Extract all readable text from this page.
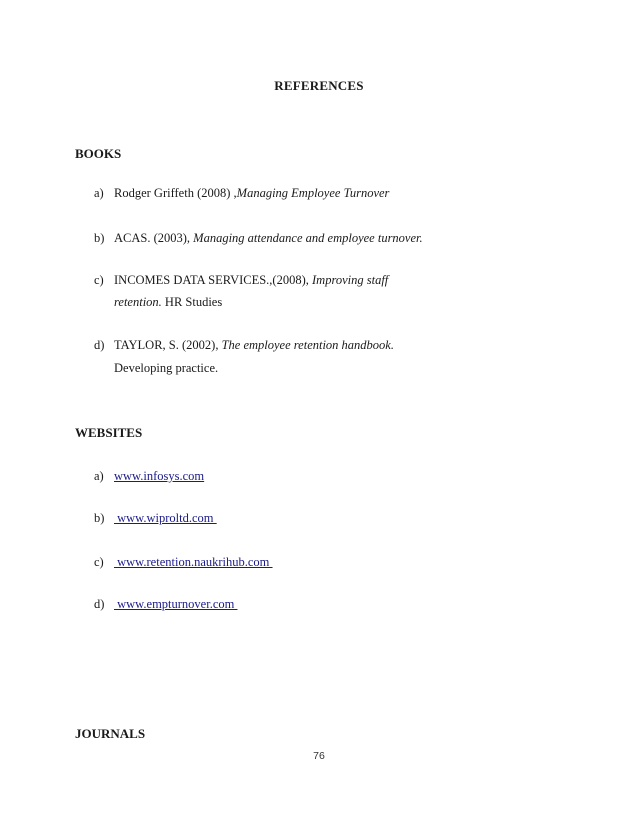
REFERENCES
BOOKS
a) Rodger Griffeth (2008) ,Managing Employee Turnover
b) ACAS. (2003), Managing attendance and employee turnover.
c) INCOMES DATA SERVICES.,(2008), Improving staff
retention. HR Studies
d) TAYLOR, S. (2002), The employee retention handbook.
Developing practice.
WEBSITES
a) www.infosys.com
b) www.wiproltd.com
c) www.retention.naukrihub.com
d) www.empturnover.com
JOURNALS
76
